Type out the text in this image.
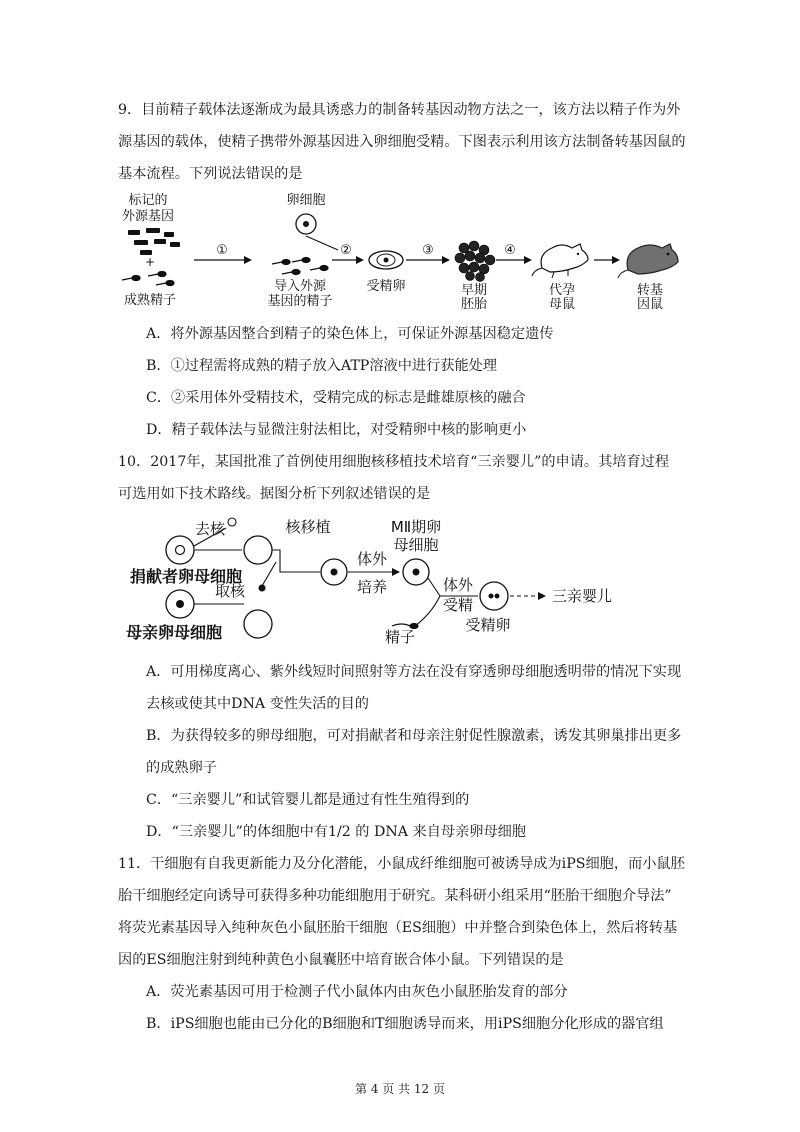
9．目前精子载体法逐渐成为最具诱惑力的制备转基因动物方法之一，该方法以精子作为外
源基因的载体，使精子携带外源基因进入卵细胞受精。下图表示利用该方法制备转基因鼠的
基本流程。下列说法错误的是
标记的
外源基因
+
成熟精子
①
卵细胞
导入外源
基因的精子
②
受精卵
③
早期
胚胎
④
代孕
母鼠
转基
因鼠
A．将外源基因整合到精子的染色体上，可保证外源基因稳定遗传
B．①过程需将成熟的精子放入ATP溶液中进行获能处理
C．②采用体外受精技术，受精完成的标志是雌雄原核的融合
D．精子载体法与显微注射法相比，对受精卵中核的影响更小
10．2017年，某国批准了首例使用细胞核移植技术培育“三亲婴儿”的申请。其培育过程
可选用如下技术路线。据图分析下列叙述错误的是
去核
捐献者卵母细胞
取核
母亲卵母细胞
核移植
体外
培养
MⅡ期卵
母细胞
精子
体外
受精
受精卵
三亲婴儿
A．可用梯度离心、紫外线短时间照射等方法在没有穿透卵母细胞透明带的情况下实现
去核或使其中DNA 变性失活的目的
B．为获得较多的卵母细胞，可对捐献者和母亲注射促性腺激素，诱发其卵巢排出更多
的成熟卵子
C．“三亲婴儿”和试管婴儿都是通过有性生殖得到的
D．“三亲婴儿”的体细胞中有1/2 的 DNA 来自母亲卵母细胞
11．干细胞有自我更新能力及分化潜能，小鼠成纤维细胞可被诱导成为iPS细胞，而小鼠胚
胎干细胞经定向诱导可获得多种功能细胞用于研究。某科研小组采用“胚胎干细胞介导法”
将荧光素基因导入纯种灰色小鼠胚胎干细胞（ES细胞）中并整合到染色体上，然后将转基
因的ES细胞注射到纯种黄色小鼠囊胚中培育嵌合体小鼠。下列错误的是
A．荧光素基因可用于检测子代小鼠体内由灰色小鼠胚胎发育的部分
B．iPS细胞也能由已分化的B细胞和T细胞诱导而来，用iPS细胞分化形成的器官组
第 4 页 共 12 页
